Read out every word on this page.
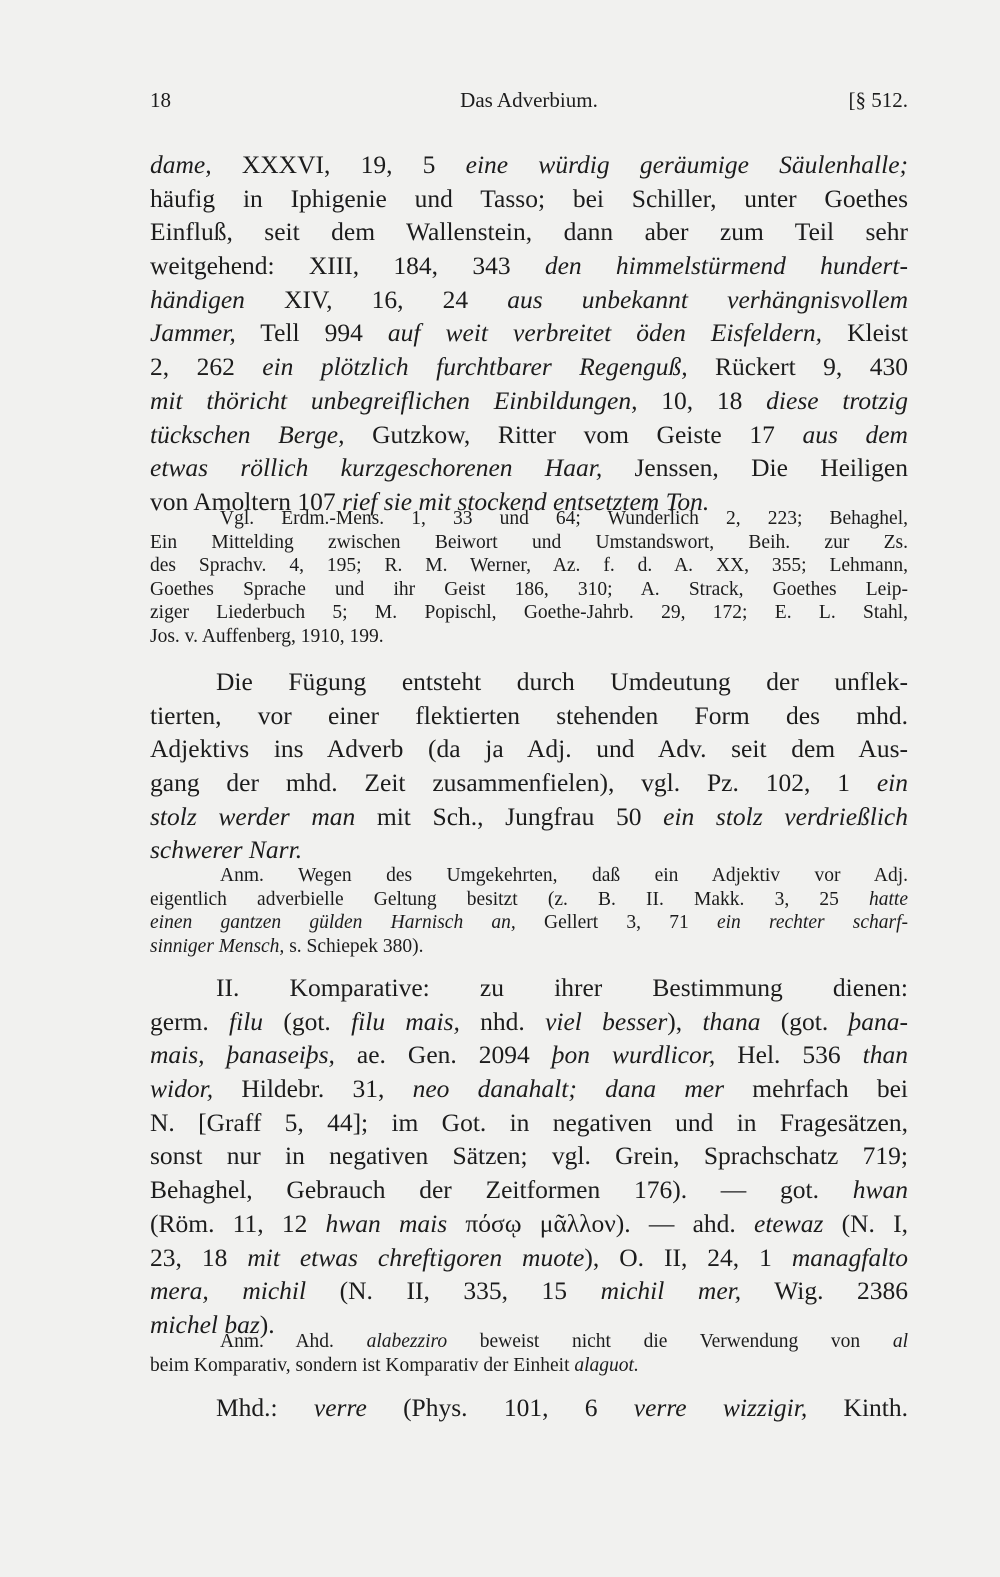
18	Das Adverbium.	[§ 512.
dame, XXXVI, 19, 5 eine würdig geräumige Säulenhalle;
häufig in Iphigenie und Tasso; bei Schiller, unter Goethes
Einfluß, seit dem Wallenstein, dann aber zum Teil sehr
weitgehend: XIII, 184, 343 den himmelstürmend hundert-
händigen XIV, 16, 24 aus unbekannt verhängnisvollem
Jammer, Tell 994 auf weit verbreitet öden Eisfeldern, Kleist
2, 262 ein plötzlich furchtbarer Regenguß, Rückert 9, 430
mit thöricht unbegreiflichen Einbildungen, 10, 18 diese trotzig
tückschen Berge, Gutzkow, Ritter vom Geiste 17 aus dem
etwas röllich kurzgeschorenen Haar, Jenssen, Die Heiligen
von Amoltern 107 rief sie mit stockend entsetztem Ton.
Vgl. Erdm.-Mens. 1, 33 und 64; Wunderlich 2, 223; Behaghel,
Ein Mittelding zwischen Beiwort und Umstandswort, Beih. zur Zs.
des Sprachv. 4, 195; R. M. Werner, Az. f. d. A. XX, 355; Lehmann,
Goethes Sprache und ihr Geist 186, 310; A. Strack, Goethes Leip-
ziger Liederbuch 5; M. Popischl, Goethe-Jahrb. 29, 172; E. L. Stahl,
Jos. v. Auffenberg, 1910, 199.
Die Fügung entsteht durch Umdeutung der unflek-
tierten, vor einer flektierten stehenden Form des mhd.
Adjektivs ins Adverb (da ja Adj. und Adv. seit dem Aus-
gang der mhd. Zeit zusammenfielen), vgl. Pz. 102, 1 ein
stolz werder man mit Sch., Jungfrau 50 ein stolz verdrießlich
schwerer Narr.
Anm. Wegen des Umgekehrten, daß ein Adjektiv vor Adj.
eigentlich adverbielle Geltung besitzt (z. B. II. Makk. 3, 25 hatte
einen gantzen gülden Harnisch an, Gellert 3, 71 ein rechter scharf-
sinniger Mensch, s. Schiepek 380).
II. Komparative: zu ihrer Bestimmung dienen:
germ. filu (got. filu mais, nhd. viel besser), thana (got. þana-
mais, þanaseiþs, ae. Gen. 2094 þon wurdlicor, Hel. 536 than
widor, Hildebr. 31, neo danahalt; dana mer mehrfach bei
N. [Graff 5, 44]; im Got. in negativen und in Fragesätzen,
sonst nur in negativen Sätzen; vgl. Grein, Sprachschatz 719;
Behaghel, Gebrauch der Zeitformen 176). — got. hwan
(Röm. 11, 12 hwan mais πόσῳ μᾶλλον). — ahd. etewaz (N. I,
23, 18 mit etwas chreftigoren muote), O. II, 24, 1 managfalto
mera, michil (N. II, 335, 15 michil mer, Wig. 2386
michel baz).
Anm. Ahd. alabezziro beweist nicht die Verwendung von al
beim Komparativ, sondern ist Komparativ der Einheit alaguot.
Mhd.: verre (Phys. 101, 6 verre wizzigir, Kinth.
